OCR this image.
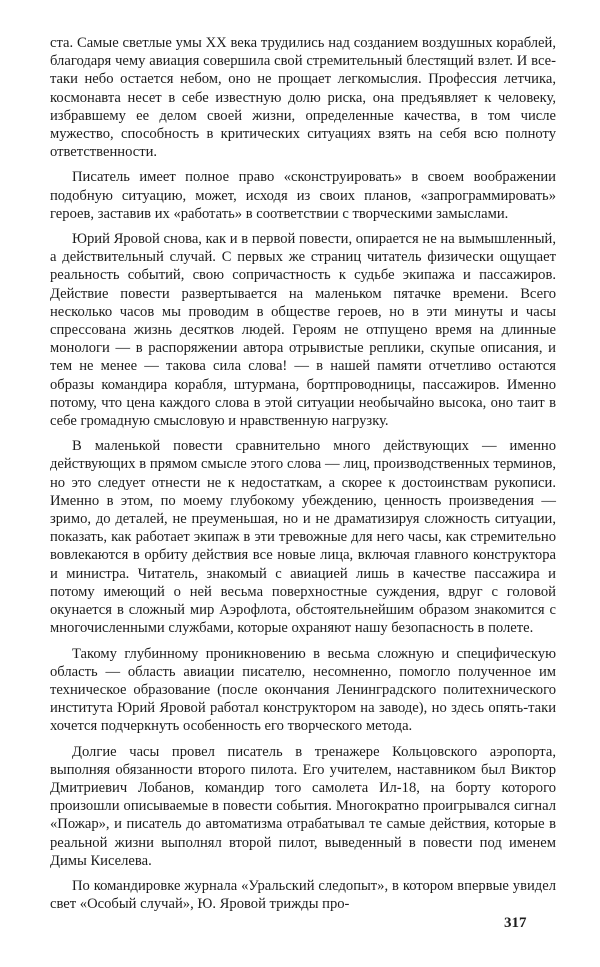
ста. Самые светлые умы XX века трудились над созданием воздушных кораблей, благодаря чему авиация совершила свой стремительный блестящий взлет. И все-таки небо остается небом, оно не прощает легкомыслия. Профессия летчика, космонавта несет в себе известную долю риска, она предъявляет к человеку, избравшему ее делом своей жизни, определенные качества, в том числе мужество, способность в критических ситуациях взять на себя всю полноту ответственности.

Писатель имеет полное право «сконструировать» в своем воображении подобную ситуацию, может, исходя из своих планов, «запрограммировать» героев, заставив их «работать» в соответствии с творческими замыслами.

Юрий Яровой снова, как и в первой повести, опирается не на вымышленный, а действительный случай. С первых же страниц читатель физически ощущает реальность событий, свою сопричастность к судьбе экипажа и пассажиров. Действие повести развертывается на маленьком пятачке времени. Всего несколько часов мы проводим в обществе героев, но в эти минуты и часы спрессована жизнь десятков людей. Героям не отпущено время на длинные монологи — в распоряжении автора отрывистые реплики, скупые описания, и тем не менее — такова сила слова! — в нашей памяти отчетливо остаются образы командира корабля, штурмана, бортпроводницы, пассажиров. Именно потому, что цена каждого слова в этой ситуации необычайно высока, оно таит в себе громадную смысловую и нравственную нагрузку.

В маленькой повести сравнительно много действующих — именно действующих в прямом смысле этого слова — лиц, производственных терминов, но это следует отнести не к недостаткам, а скорее к достоинствам рукописи. Именно в этом, по моему глубокому убеждению, ценность произведения — зримо, до деталей, не преуменьшая, но и не драматизируя сложность ситуации, показать, как работает экипаж в эти тревожные для него часы, как стремительно вовлекаются в орбиту действия все новые лица, включая главного конструктора и министра. Читатель, знакомый с авиацией лишь в качестве пассажира и потому имеющий о ней весьма поверхностные суждения, вдруг с головой окунается в сложный мир Аэрофлота, обстоятельнейшим образом знакомится с многочисленными службами, которые охраняют нашу безопасность в полете.

Такому глубинному проникновению в весьма сложную и специфическую область — область авиации писателю, несомненно, помогло полученное им техническое образование (после окончания Ленинградского политехнического института Юрий Яровой работал конструктором на заводе), но здесь опять-таки хочется подчеркнуть особенность его творческого метода.

Долгие часы провел писатель в тренажере Кольцовского аэропорта, выполняя обязанности второго пилота. Его учителем, наставником был Виктор Дмитриевич Лобанов, командир того самолета Ил-18, на борту которого произошли описываемые в повести события. Многократно проигрывался сигнал «Пожар», и писатель до автоматизма отрабатывал те самые действия, которые в реальной жизни выполнял второй пилот, выведенный в повести под именем Димы Киселева.

По командировке журнала «Уральский следопыт», в котором впервые увидел свет «Особый случай», Ю. Яровой трижды про-

317
